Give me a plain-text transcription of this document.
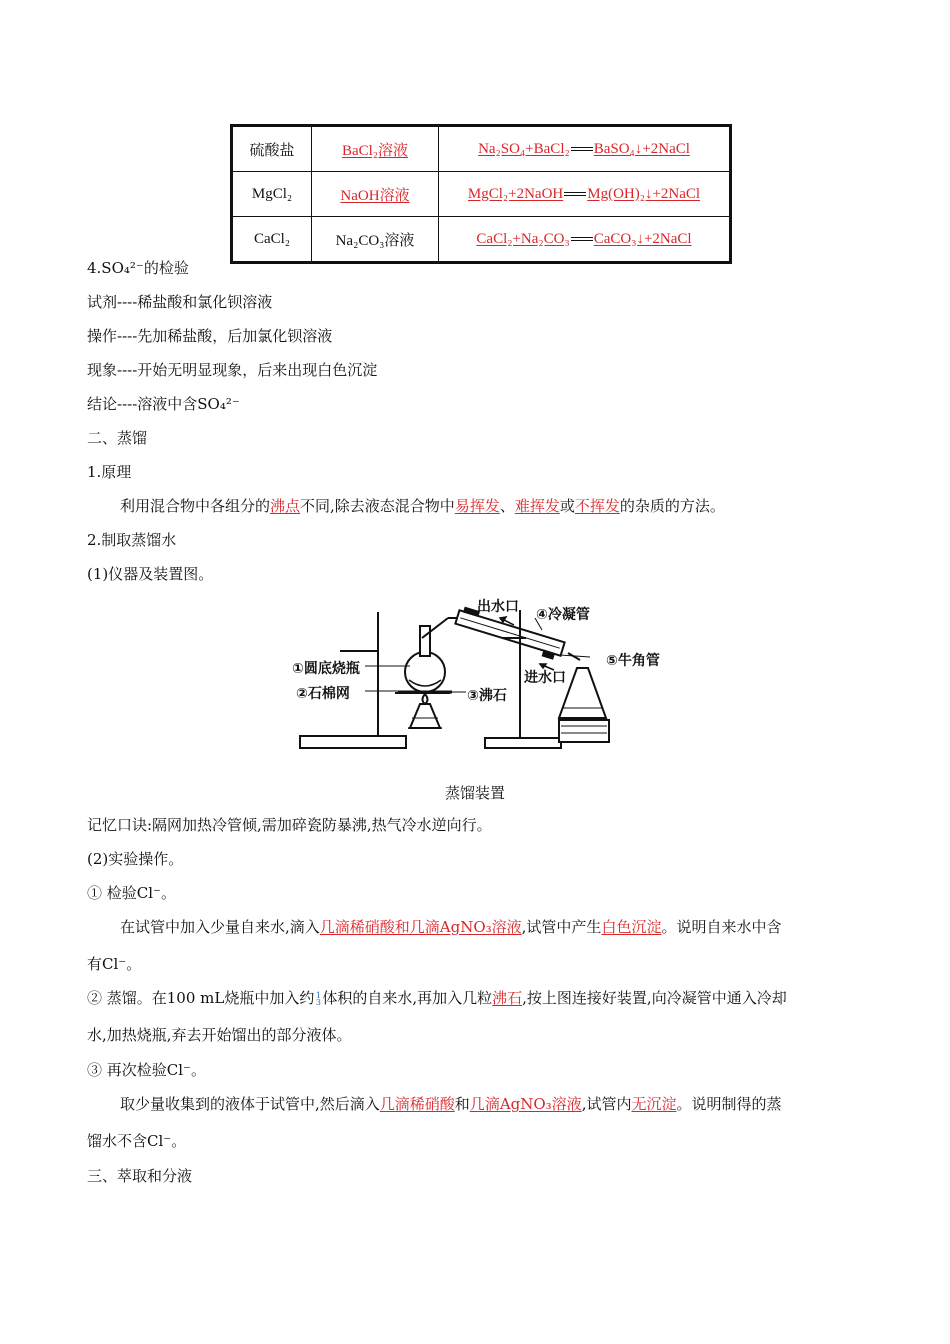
硫酸盐	BaCl₂溶液	Na₂SO₄+BaCl₂ BaSO₄↓+2NaCl
MgCl₂	NaOH溶液	MgCl₂+2NaOH Mg(OH)₂↓+2NaCl
CaCl₂	Na₂CO₃溶液	CaCl₂+Na₂CO₃ CaCO₃↓+2NaCl
4.SO₄²⁻的检验
试剂----稀盐酸和氯化钡溶液
操作----先加稀盐酸，后加氯化钡溶液
现象----开始无明显现象，后来出现白色沉淀
结论----溶液中含SO₄²⁻
二、蒸馏
1.原理
利用混合物中各组分的沸点不同,除去液态混合物中易挥发、难挥发或不挥发的杂质的方法。
2.制取蒸馏水
(1)仪器及装置图。
出水口 ④冷凝管
①圆底烧瓶
②石棉网	③沸石
⑤牛角管
进水口
蒸馏装置
记忆口诀:隔网加热冷管倾,需加碎瓷防暴沸,热气冷水逆向行。
(2)实验操作。
① 检验Cl⁻。
在试管中加入少量自来水,滴入几滴稀硝酸和几滴AgNO₃溶液,试管中产生白色沉淀。说明自来水中含
有Cl⁻。
② 蒸馏。在100 mL烧瓶中加入约1
3体积的自来水,再加入几粒沸石,按上图连接好装置,向冷凝管中通入冷却
水,加热烧瓶,弃去开始馏出的部分液体。
③ 再次检验Cl⁻。
取少量收集到的液体于试管中,然后滴入几滴稀硝酸和几滴AgNO₃溶液,试管内无沉淀。说明制得的蒸
馏水不含Cl⁻。
三、萃取和分液
